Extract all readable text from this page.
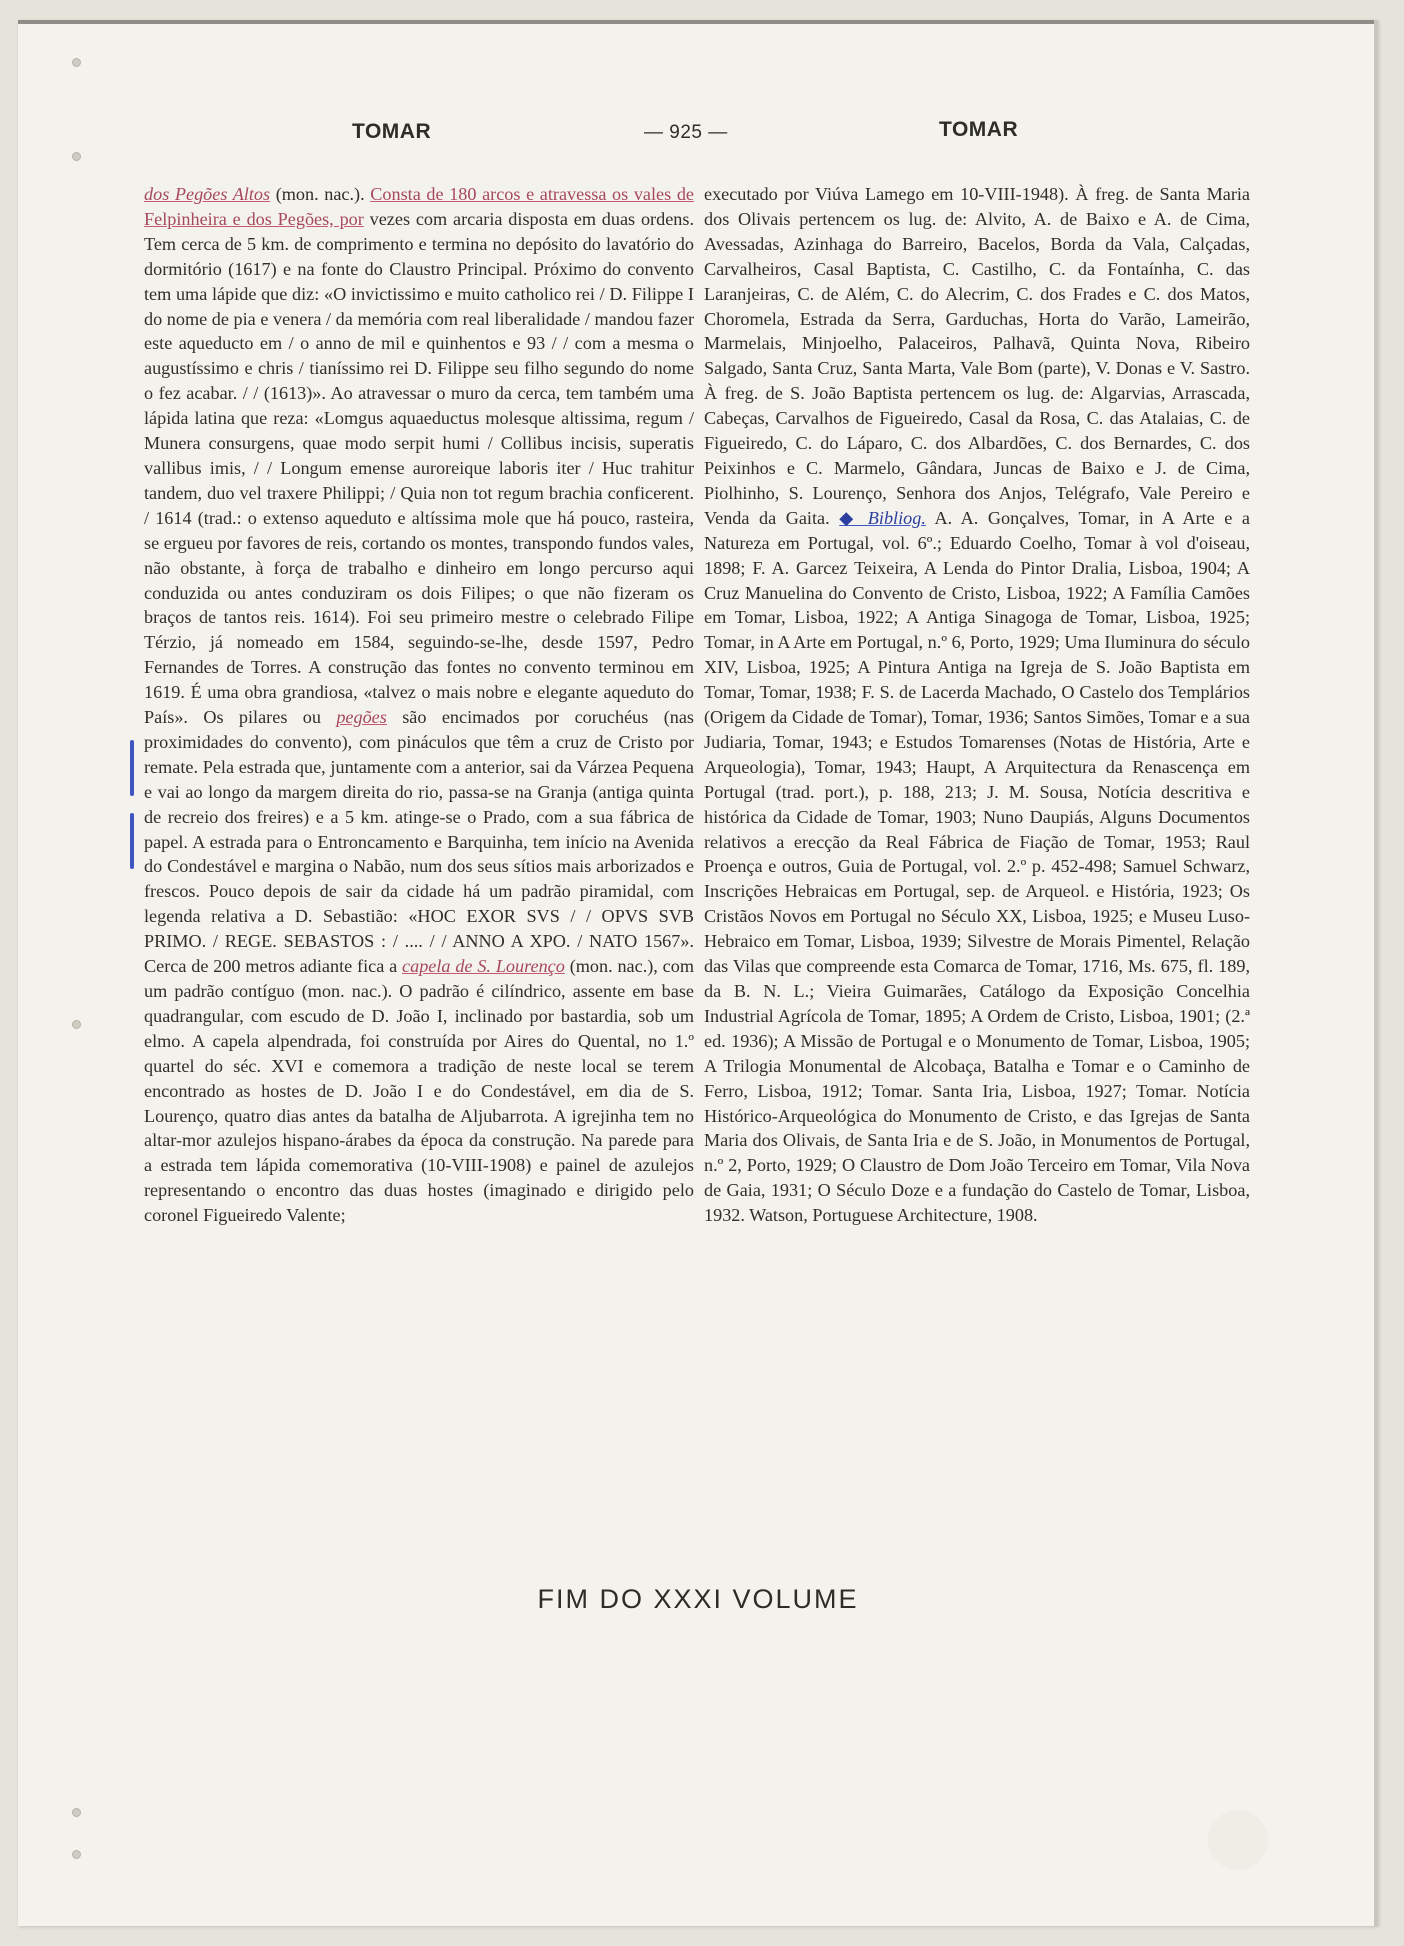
TOMAR	— 925 —	TOMAR

dos Pegões Altos (mon. nac.). Consta de 180 arcos e atravessa os vales de Felpinheira e dos Pegões, por vezes com arcaria disposta em duas ordens. Tem cerca de 5 km. de comprimento e termina no depósito do lavatório do dormitório (1617) e na fonte do Claustro Principal. Próximo do convento tem uma lápide que diz: «O invictissimo e muito catholico rei / D. Filippe I do nome de pia e venera / da memória com real liberalidade / mandou fazer este aqueducto em / o anno de mil e quinhentos e 93 / / com a mesma o augustíssimo e chris / tianíssimo rei D. Filippe seu filho segundo do nome o fez acabar. / / (1613)». Ao atravessar o muro da cerca, tem também uma lápida latina que reza: «Lomgus aquaeductus molesque altissima, regum / Munera consurgens, quae modo serpit humi / Collibus incisis, superatis vallibus imis, / / Longum emense auroreique laboris iter / Huc trahitur tandem, duo vel traxere Philippi; / Quia non tot regum brachia conficerent. / 1614 (trad.: o extenso aqueduto e altíssima mole que há pouco, rasteira, se ergueu por favores de reis, cortando os montes, transpondo fundos vales, não obstante, à força de trabalho e dinheiro em longo percurso aqui conduzida ou antes conduziram os dois Filipes; o que não fizeram os braços de tantos reis. 1614). Foi seu primeiro mestre o celebrado Filipe Térzio, já nomeado em 1584, seguindo-se-lhe, desde 1597, Pedro Fernandes de Torres. A construção das fontes no convento terminou em 1619. É uma obra grandiosa, «talvez o mais nobre e elegante aqueduto do País». Os pilares ou pegões são encimados por coruchéus (nas proximidades do convento), com pináculos que têm a cruz de Cristo por remate. Pela estrada que, juntamente com a anterior, sai da Várzea Pequena e vai ao longo da margem direita do rio, passa-se na Granja (antiga quinta de recreio dos freires) e a 5 km. atinge-se o Prado, com a sua fábrica de papel. A estrada para o Entroncamento e Barquinha, tem início na Avenida do Condestável e margina o Nabão, num dos seus sítios mais arborizados e frescos. Pouco depois de sair da cidade há um padrão piramidal, com legenda relativa a D. Sebastião: «HOC EXOR SVS / / OPVS SVB PRIMO. / REGE. SEBASTOS : / .... / / ANNO A XPO. / NATO 1567». Cerca de 200 metros adiante fica a capela de S. Lourenço (mon. nac.), com um padrão contíguo (mon. nac.). O padrão é cilíndrico, assente em base quadrangular, com escudo de D. João I, inclinado por bastardia, sob um elmo. A capela alpendrada, foi construída por Aires do Quental, no 1.º quartel do séc. XVI e comemora a tradição de neste local se terem encontrado as hostes de D. João I e do Condestável, em dia de S. Lourenço, quatro dias antes da batalha de Aljubarrota. A igrejinha tem no altar-mor azulejos hispano-árabes da época da construção. Na parede para a estrada tem lápida comemorativa (10-VIII-1908) e painel de azulejos representando o encontro das duas hostes (imaginado e dirigido pelo coronel Figueiredo Valente;

executado por Viúva Lamego em 10-VIII-1948). À freg. de Santa Maria dos Olivais pertencem os lug. de: Alvito, A. de Baixo e A. de Cima, Avessadas, Azinhaga do Barreiro, Bacelos, Borda da Vala, Calçadas, Carvalheiros, Casal Baptista, C. Castilho, C. da Fontaínha, C. das Laranjeiras, C. de Além, C. do Alecrim, C. dos Frades e C. dos Matos, Choromela, Estrada da Serra, Garduchas, Horta do Varão, Lameirão, Marmelais, Minjoelho, Palaceiros, Palhavã, Quinta Nova, Ribeiro Salgado, Santa Cruz, Santa Marta, Vale Bom (parte), V. Donas e V. Sastro. À freg. de S. João Baptista pertencem os lug. de: Algarvias, Arrascada, Cabeças, Carvalhos de Figueiredo, Casal da Rosa, C. das Atalaias, C. de Figueiredo, C. do Láparo, C. dos Albardões, C. dos Bernardes, C. dos Peixinhos e C. Marmelo, Gândara, Juncas de Baixo e J. de Cima, Piolhinho, S. Lourenço, Senhora dos Anjos, Telégrafo, Vale Pereiro e Venda da Gaita. ◆ Bibliog. A. A. Gonçalves, Tomar, in A Arte e a Natureza em Portugal, vol. 6º.; Eduardo Coelho, Tomar à vol d'oiseau, 1898; F. A. Garcez Teixeira, A Lenda do Pintor Dralia, Lisboa, 1904; A Cruz Manuelina do Convento de Cristo, Lisboa, 1922; A Família Camões em Tomar, Lisboa, 1922; A Antiga Sinagoga de Tomar, Lisboa, 1925; Tomar, in A Arte em Portugal, n.º 6, Porto, 1929; Uma Iluminura do século XIV, Lisboa, 1925; A Pintura Antiga na Igreja de S. João Baptista em Tomar, Tomar, 1938; F. S. de Lacerda Machado, O Castelo dos Templários (Origem da Cidade de Tomar), Tomar, 1936; Santos Simões, Tomar e a sua Judiaria, Tomar, 1943; e Estudos Tomarenses (Notas de História, Arte e Arqueologia), Tomar, 1943; Haupt, A Arquitectura da Renascença em Portugal (trad. port.), p. 188, 213; J. M. Sousa, Notícia descritiva e histórica da Cidade de Tomar, 1903; Nuno Daupiás, Alguns Documentos relativos a erecção da Real Fábrica de Fiação de Tomar, 1953; Raul Proença e outros, Guia de Portugal, vol. 2.º p. 452-498; Samuel Schwarz, Inscrições Hebraicas em Portugal, sep. de Arqueol. e História, 1923; Os Cristãos Novos em Portugal no Século XX, Lisboa, 1925; e Museu Luso-Hebraico em Tomar, Lisboa, 1939; Silvestre de Morais Pimentel, Relação das Vilas que compreende esta Comarca de Tomar, 1716, Ms. 675, fl. 189, da B. N. L.; Vieira Guimarães, Catálogo da Exposição Concelhia Industrial Agrícola de Tomar, 1895; A Ordem de Cristo, Lisboa, 1901; (2.ª ed. 1936); A Missão de Portugal e o Monumento de Tomar, Lisboa, 1905; A Trilogia Monumental de Alcobaça, Batalha e Tomar e o Caminho de Ferro, Lisboa, 1912; Tomar. Santa Iria, Lisboa, 1927; Tomar. Notícia Histórico-Arqueológica do Monumento de Cristo, e das Igrejas de Santa Maria dos Olivais, de Santa Iria e de S. João, in Monumentos de Portugal, n.º 2, Porto, 1929; O Claustro de Dom João Terceiro em Tomar, Vila Nova de Gaia, 1931; O Século Doze e a fundação do Castelo de Tomar, Lisboa, 1932. Watson, Portuguese Architecture, 1908.

FIM DO XXXI VOLUME
